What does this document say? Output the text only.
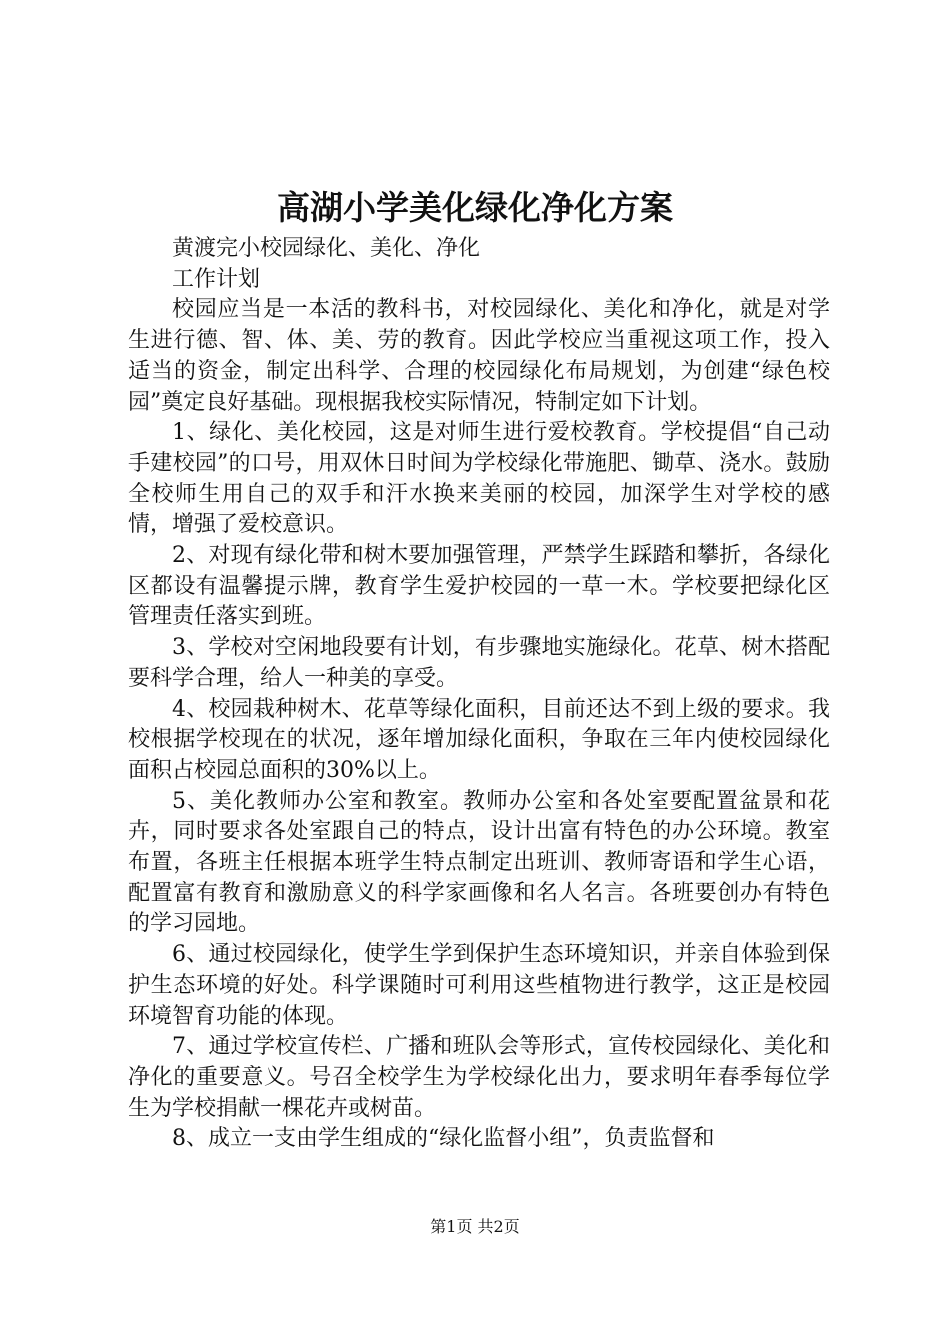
高湖小学美化绿化净化方案

黄渡完小校园绿化、美化、净化

工作计划

校园应当是一本活的教科书，对校园绿化、美化和净化，就是对学生进行德、智、体、美、劳的教育。因此学校应当重视这项工作，投入适当的资金，制定出科学、合理的校园绿化布局规划，为创建“绿色校园”奠定良好基础。现根据我校实际情况，特制定如下计划。

1、绿化、美化校园，这是对师生进行爱校教育。学校提倡“自己动手建校园”的口号，用双休日时间为学校绿化带施肥、锄草、浇水。鼓励全校师生用自己的双手和汗水换来美丽的校园，加深学生对学校的感情，增强了爱校意识。

2、对现有绿化带和树木要加强管理，严禁学生踩踏和攀折，各绿化区都设有温馨提示牌，教育学生爱护校园的一草一木。学校要把绿化区管理责任落实到班。

3、学校对空闲地段要有计划，有步骤地实施绿化。花草、树木搭配要科学合理，给人一种美的享受。

4、校园栽种树木、花草等绿化面积，目前还达不到上级的要求。我校根据学校现在的状况，逐年增加绿化面积，争取在三年内使校园绿化面积占校园总面积的30%以上。

5、美化教师办公室和教室。教师办公室和各处室要配置盆景和花卉，同时要求各处室跟自己的特点，设计出富有特色的办公环境。教室布置，各班主任根据本班学生特点制定出班训、教师寄语和学生心语，配置富有教育和激励意义的科学家画像和名人名言。各班要创办有特色的学习园地。

6、通过校园绿化，使学生学到保护生态环境知识，并亲自体验到保护生态环境的好处。科学课随时可利用这些植物进行教学，这正是校园环境智育功能的体现。

7、通过学校宣传栏、广播和班队会等形式，宣传校园绿化、美化和净化的重要意义。号召全校学生为学校绿化出力，要求明年春季每位学生为学校捐献一棵花卉或树苗。

8、成立一支由学生组成的“绿化监督小组”，负责监督和

第1页 共2页
